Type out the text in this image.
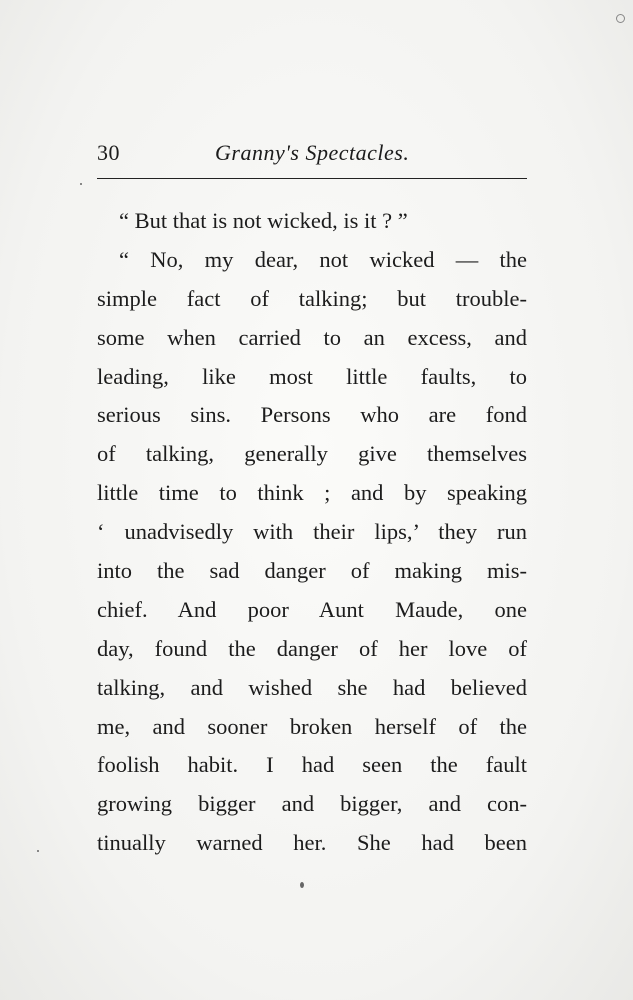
30	Granny's Spectacles.
“ But that is not wicked, is it ? ”
“ No, my dear, not wicked — the
simple fact of talking; but trouble-
some when carried to an excess, and
leading, like most little faults, to
serious sins. Persons who are fond
of talking, generally give themselves
little time to think ; and by speaking
‘ unadvisedly with their lips,’ they run
into the sad danger of making mis-
chief. And poor Aunt Maude, one
day, found the danger of her love of
talking, and wished she had believed
me, and sooner broken herself of the
foolish habit. I had seen the fault
growing bigger and bigger, and con-
tinually warned her. She had been
